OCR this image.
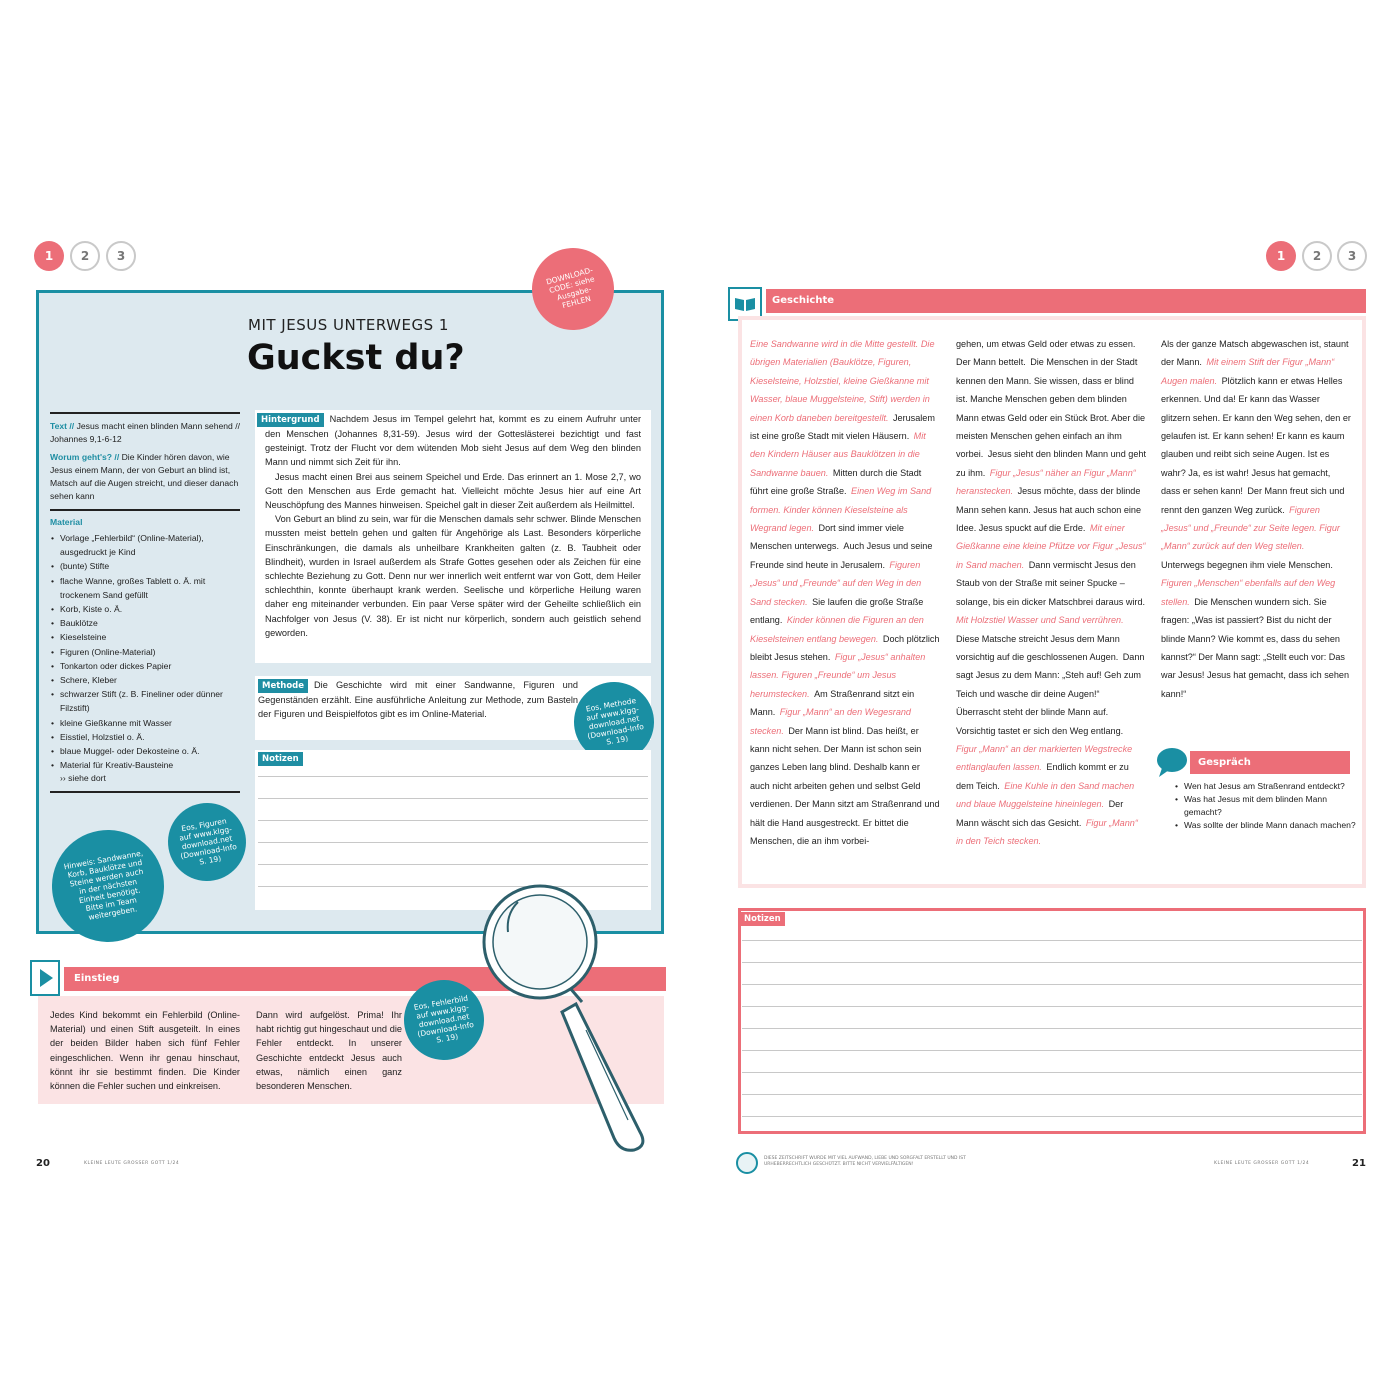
1	2	3
DOWNLOAD-CODE: siehe Ausgabe-FEHLEN
MIT JESUS UNTERWEGS 1
Guckst du?
Text // Jesus macht einen blinden Mann sehend // Johannes 9,1-6-12
Worum geht's? // Die Kinder hören davon, wie Jesus einem Mann, der von Geburt an blind ist, Matsch auf die Augen streicht, und dieser danach sehen kann
Material
• Vorlage „Fehlerbild“ (Online-Material), ausgedruckt je Kind
• (bunte) Stifte
• flache Wanne, großes Tablett o. Ä. mit trockenem Sand gefüllt
• Korb, Kiste o. Ä.
• Bauklötze
• Kieselsteine
• Figuren (Online-Material)
• Tonkarton oder dickes Papier
• Schere, Kleber
• schwarzer Stift (z. B. Fineliner oder dünner Filzstift)
• kleine Gießkanne mit Wasser
• Eisstiel, Holzstiel o. Ä.
• blaue Muggel- oder Dekosteine o. Ä.
• Material für Kreativ-Bausteine
›› siehe dort
Eos, Figuren auf www.klgg-download.net (Download-Info S. 19)
Hinweis: Sandwanne, Korb, Bauklötze und Steine werden auch in der nächsten Einheit benötigt. Bitte im Team weitergeben.
Hintergrund Nachdem Jesus im Tempel gelehrt hat, kommt es zu einem Aufruhr unter den Menschen (Johannes 8,31-59). Jesus wird der Gotteslästerei bezichtigt und fast gesteinigt. Trotz der Flucht vor dem wütenden Mob sieht Jesus auf dem Weg den blinden Mann und nimmt sich Zeit für ihn.
Jesus macht einen Brei aus seinem Speichel und Erde. Das erinnert an 1. Mose 2,7, wo Gott den Menschen aus Erde gemacht hat. Vielleicht möchte Jesus hier auf eine Art Neuschöpfung des Mannes hinweisen. Speichel galt in dieser Zeit außerdem als Heilmittel.
Von Geburt an blind zu sein, war für die Menschen damals sehr schwer. Blinde Menschen mussten meist betteln gehen und galten für Angehörige als Last. Besonders körperliche Einschränkungen, die damals als unheilbare Krankheiten galten (z. B. Taubheit oder Blindheit), wurden in Israel außerdem als Strafe Gottes gesehen oder als Zeichen für eine schlechte Beziehung zu Gott. Denn nur wer innerlich weit entfernt war von Gott, dem Heiler schlechthin, konnte überhaupt krank werden. Seelische und körperliche Heilung waren daher eng miteinander verbunden. Ein paar Verse später wird der Geheilte schließlich ein Nachfolger von Jesus (V. 38). Er ist nicht nur körperlich, sondern auch geistlich sehend geworden.
Methode Die Geschichte wird mit einer Sandwanne, Figuren und Gegenständen erzählt. Eine ausführliche Anleitung zur Methode, zum Basteln der Figuren und Beispielfotos gibt es im Online-Material.
Eos, Methode auf www.klgg-download.net (Download-Info S. 19)
Notizen
Einstieg
Jedes Kind bekommt ein Fehlerbild (Online-Material) und einen Stift ausgeteilt. In eines der beiden Bilder haben sich fünf Fehler eingeschlichen. Wenn ihr genau hinschaut, könnt ihr sie bestimmt finden. Die Kinder können die Fehler suchen und einkreisen.
Dann wird aufgelöst. Prima! Ihr habt richtig gut hingeschaut und die Fehler entdeckt. In unserer Geschichte entdeckt Jesus auch etwas, nämlich einen ganz besonderen Menschen.
Eos, Fehlerbild auf www.klgg-download.net (Download-Info S. 19)
20	KLEINE LEUTE GROSSER GOTT 1/24
1	2	3
Geschichte
Eine Sandwanne wird in die Mitte gestellt. Die übrigen Materialien (Bauklötze, Figuren, Kieselsteine, Holzstiel, kleine Gießkanne mit Wasser, blaue Muggelsteine, Stift) werden in einen Korb daneben bereitgestellt. Jerusalem ist eine große Stadt mit vielen Häusern. Mit den Kindern Häuser aus Bauklötzen in die Sandwanne bauen. Mitten durch die Stadt führt eine große Straße. Einen Weg im Sand formen. Kinder können Kieselsteine als Wegrand legen. Dort sind immer viele Menschen unterwegs. Auch Jesus und seine Freunde sind heute in Jerusalem. Figuren „Jesus“ und „Freunde“ auf den Weg in den Sand stecken. Sie laufen die große Straße entlang. Kinder können die Figuren an den Kieselsteinen entlang bewegen. Doch plötzlich bleibt Jesus stehen. Figur „Jesus“ anhalten lassen. Figuren „Freunde“ um Jesus herumstecken. Am Straßenrand sitzt ein Mann. Figur „Mann“ an den Wegesrand stecken. Der Mann ist blind. Das heißt, er kann nicht sehen. Der Mann ist schon sein ganzes Leben lang blind. Deshalb kann er auch nicht arbeiten gehen und selbst Geld verdienen. Der Mann sitzt am Straßenrand und hält die Hand ausgestreckt. Er bittet die Menschen, die an ihm vorbei-
gehen, um etwas Geld oder etwas zu essen. Der Mann bettelt. Die Menschen in der Stadt kennen den Mann. Sie wissen, dass er blind ist. Manche Menschen geben dem blinden Mann etwas Geld oder ein Stück Brot. Aber die meisten Menschen gehen einfach an ihm vorbei. Jesus sieht den blinden Mann und geht zu ihm. Figur „Jesus“ näher an Figur „Mann“ heranstecken. Jesus möchte, dass der blinde Mann sehen kann. Jesus hat auch schon eine Idee. Jesus spuckt auf die Erde. Mit einer Gießkanne eine kleine Pfütze vor Figur „Jesus“ in Sand machen. Dann vermischt Jesus den Staub von der Straße mit seiner Spucke – solange, bis ein dicker Matschbrei daraus wird. Mit Holzstiel Wasser und Sand verrühren. Diese Matsche streicht Jesus dem Mann vorsichtig auf die geschlossenen Augen. Dann sagt Jesus zu dem Mann: „Steh auf! Geh zum Teich und wasche dir deine Augen!“ Überrascht steht der blinde Mann auf. Vorsichtig tastet er sich den Weg entlang. Figur „Mann“ an der markierten Wegstrecke entlanglaufen lassen. Endlich kommt er zu dem Teich. Eine Kuhle in den Sand machen und blaue Muggelsteine hineinlegen. Der Mann wäscht sich das Gesicht. Figur „Mann“ in den Teich stecken.
Als der ganze Matsch abgewaschen ist, staunt der Mann. Mit einem Stift der Figur „Mann“ Augen malen. Plötzlich kann er etwas Helles erkennen. Und da! Er kann das Wasser glitzern sehen. Er kann den Weg sehen, den er gelaufen ist. Er kann sehen! Er kann es kaum glauben und reibt sich seine Augen. Ist es wahr? Ja, es ist wahr! Jesus hat gemacht, dass er sehen kann! Der Mann freut sich und rennt den ganzen Weg zurück. Figuren „Jesus“ und „Freunde“ zur Seite legen. Figur „Mann“ zurück auf den Weg stellen. Unterwegs begegnen ihm viele Menschen. Figuren „Menschen“ ebenfalls auf den Weg stellen. Die Menschen wundern sich. Sie fragen: „Was ist passiert? Bist du nicht der blinde Mann? Wie kommt es, dass du sehen kannst?“ Der Mann sagt: „Stellt euch vor: Das war Jesus! Jesus hat gemacht, dass ich sehen kann!“
Gespräch
• Wen hat Jesus am Straßenrand entdeckt?
• Was hat Jesus mit dem blinden Mann gemacht?
• Was sollte der blinde Mann danach machen?
Notizen
DIESE ZEITSCHRIFT WURDE MIT VIEL AUFWAND, LIEBE UND SORGFALT ERSTELLT UND IST URHEBERRECHTLICH GESCHÜTZT. BITTE NICHT VERVIELFÄLTIGEN!	KLEINE LEUTE GROSSER GOTT 1/24	21
